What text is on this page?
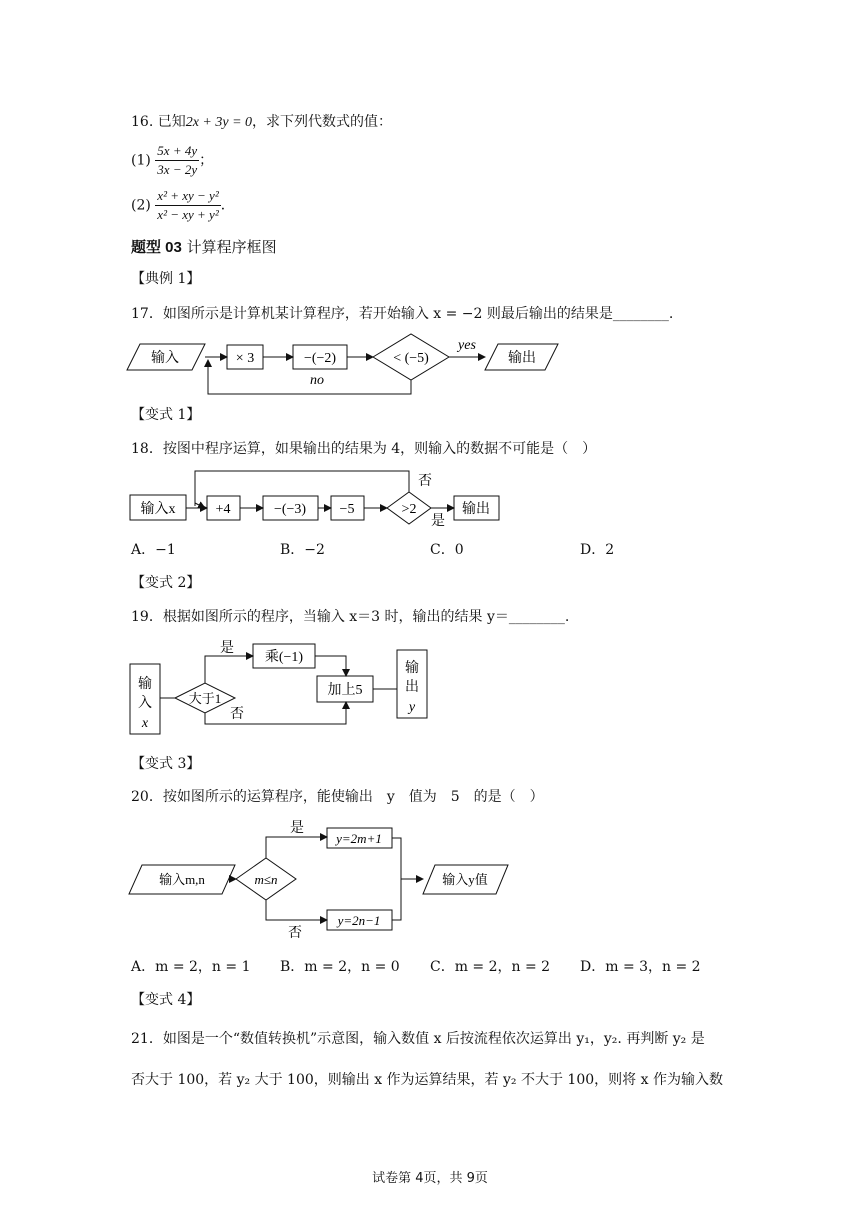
16. 已知2x + 3y = 0，求下列代数式的值：
$(1) \frac{5x + 4y}{3x - 2y}$ ；
$(2) \frac{\text{x² + xy − y²}}{\text{x² − xy + y²}}$ ．
题型 03 计算程序框图
【典例 1】
17．如图所示是计算机某计算程序，若开始输入 x = −2 则最后输出的结果是________.
输入	× 3	−(−2)	< (−5)
yes
输出
no
【变式 1】
18．按图中程序运算，如果输出的结果为 4，则输入的数据不可能是（　）
输入x	+4	−(−3) −5	>2
否
是
输出
A．−1	B．−2	C．0	D．2
【变式 2】
19．根据如图所示的程序，当输入 x＝3 时，输出的结果 y＝________.
输
入
x
大于1
是
乘(−1)
否
加上5
输
出
y
【变式 3】
20．按如图所示的运算程序，能使输出　y　值为　5　的是（　）
输入m,n	m≤n
是
y=2m+1
否
y=2n−1
输入y值
A．m = 2，n = 1 B．m = 2，n = 0 C．m = 2，n = 2 D．m = 3，n = 2
【变式 4】
21．如图是一个“数值转换机”示意图，输入数值 x 后按流程依次运算出 y₁，y₂. 再判断 y₂ 是
否大于 100，若 y₂ 大于 100，则输出 x 作为运算结果，若 y₂ 不大于 100，则将 x 作为输入数
试卷第 4页，共 9页
